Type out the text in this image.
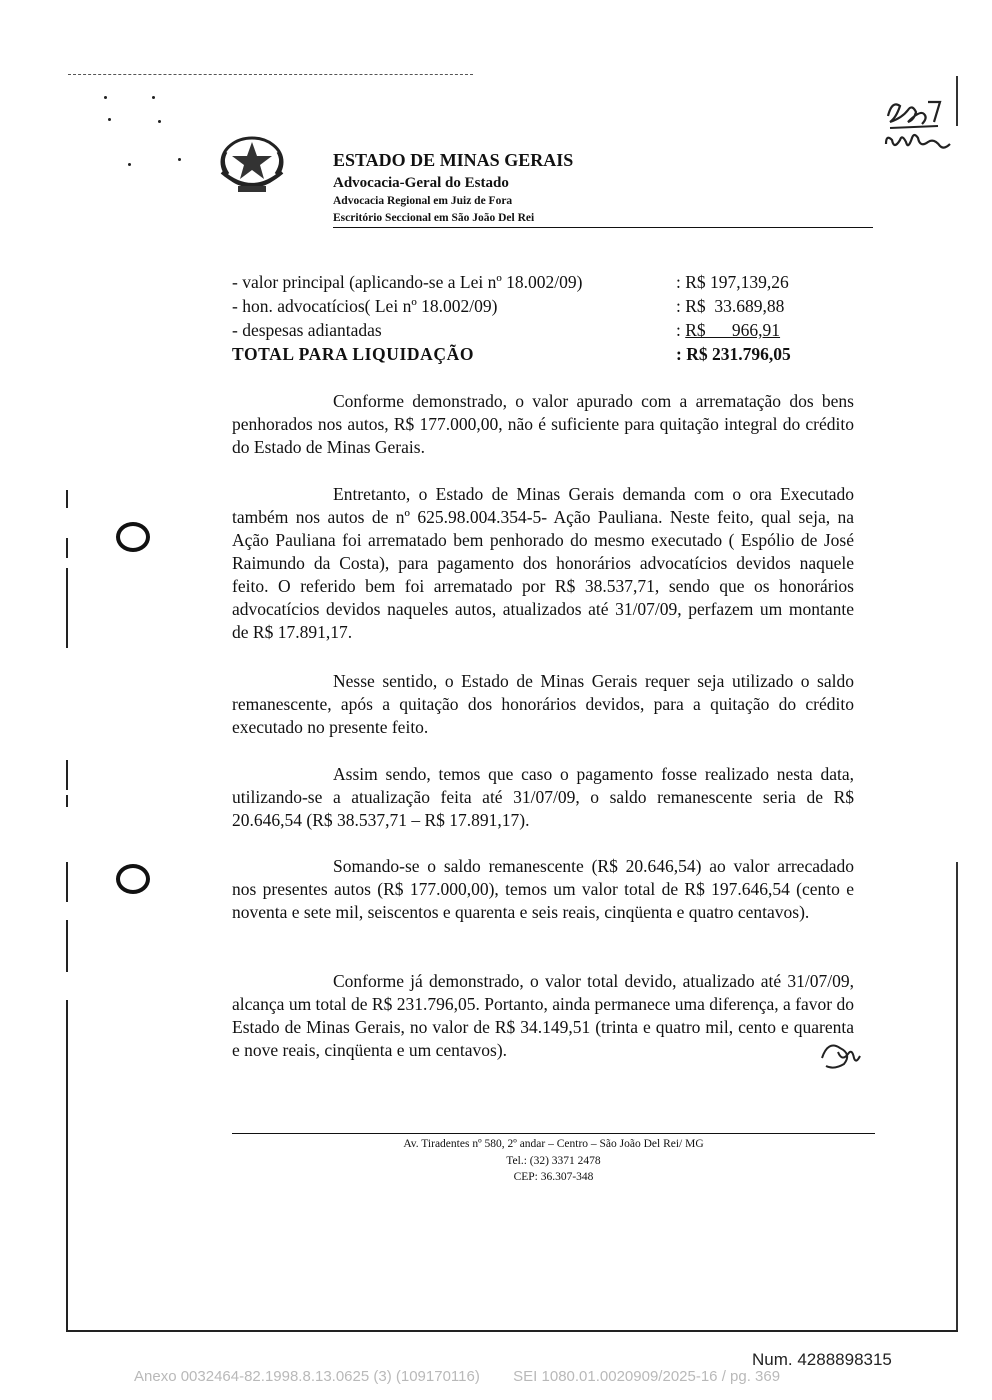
ESTADO DE MINAS GERAIS
Advocacia-Geral do Estado
Advocacia Regional em Juiz de Fora
Escritório Seccional em São João Del Rei
- valor principal (aplicando-se a Lei nº 18.002/09)	: R$ 197,139,26
- hon. advocatícios( Lei nº 18.002/09)	: R$  33.689,88
- despesas adiantadas	: R$      966,91
TOTAL PARA LIQUIDAÇÃO	: R$ 231.796,05
Conforme demonstrado, o valor apurado com a arrematação dos bens penhorados nos autos, R$ 177.000,00, não é suficiente para quitação integral do crédito do Estado de Minas Gerais.
Entretanto, o Estado de Minas Gerais demanda com o ora Executado também nos autos de nº 625.98.004.354-5- Ação Pauliana. Neste feito, qual seja, na Ação Pauliana foi arrematado bem penhorado do mesmo executado ( Espólio de José Raimundo da Costa), para pagamento dos honorários advocatícios devidos naquele feito. O referido bem foi arrematado por R$ 38.537,71, sendo que os honorários advocatícios devidos naqueles autos, atualizados até 31/07/09, perfazem um montante de R$ 17.891,17.
Nesse sentido, o Estado de Minas Gerais requer seja utilizado o saldo remanescente, após a quitação dos honorários devidos, para a quitação do crédito executado no presente feito.
Assim sendo, temos que caso o pagamento fosse realizado nesta data, utilizando-se a atualização feita até 31/07/09, o saldo remanescente seria de R$ 20.646,54 (R$ 38.537,71 – R$ 17.891,17).
Somando-se o saldo remanescente (R$ 20.646,54) ao valor arrecadado nos presentes autos (R$ 177.000,00), temos um valor total de R$ 197.646,54 (cento e noventa e sete mil, seiscentos e quarenta e seis reais, cinqüenta e quatro centavos).
Conforme já demonstrado, o valor total devido, atualizado até 31/07/09, alcança um total de R$ 231.796,05. Portanto, ainda permanece uma diferença, a favor do Estado de Minas Gerais, no valor de R$ 34.149,51 (trinta e quatro mil, cento e quarenta e nove reais, cinqüenta e um centavos).
Av. Tiradentes nº 580, 2º andar – Centro – São João Del Rei/ MG
Tel.: (32) 3371 2478
CEP: 36.307-348
Num. 4288898315
Anexo 0032464-82.1998.8.13.0625 (3) (109170116)        SEI 1080.01.0020909/2025-16 / pg. 369
